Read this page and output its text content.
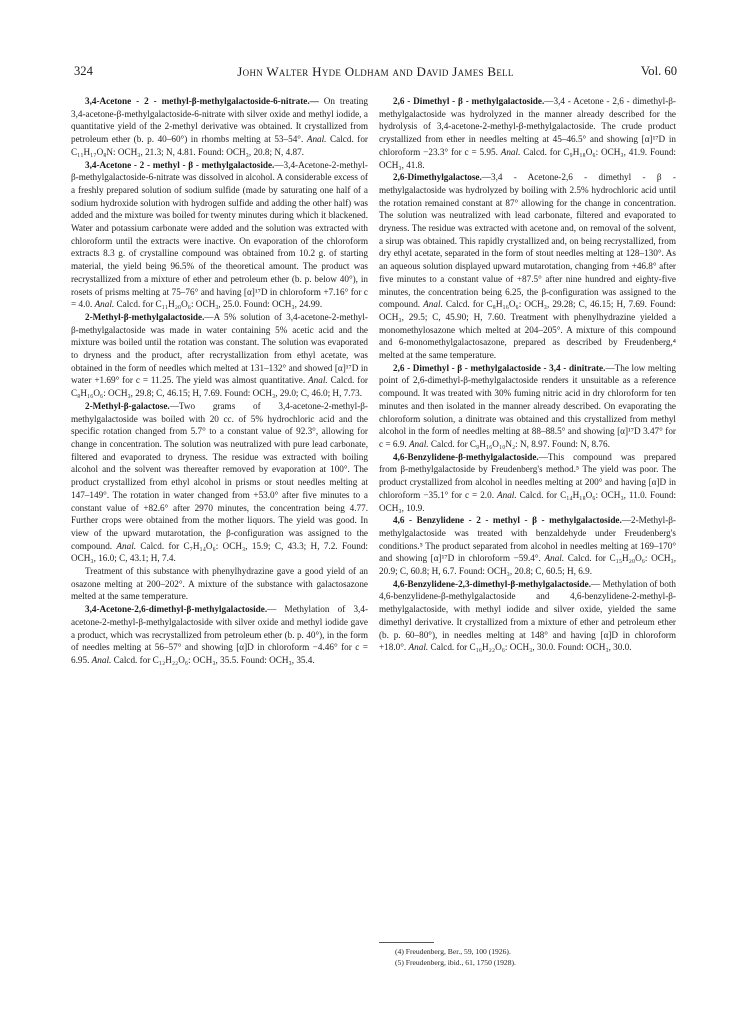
324	John Walter Hyde Oldham and David James Bell	Vol. 60

3,4-Acetone - 2 - methyl-β-methylgalactoside-6-nitrate.— On treating 3,4-acetone-β-methylgalactoside-6-nitrate with silver oxide and methyl iodide, a quantitative yield of the 2-methyl derivative was obtained. It crystallized from petroleum ether (b. p. 40–60°) in rhombs melting at 53–54°. Anal. Calcd. for C₁₁H₁₇O₈N: OCH₃, 21.3; N, 4.81. Found: OCH₃, 20.8; N, 4.87.

3,4-Acetone - 2 - methyl - β - methylgalactoside.—3,4-Acetone-2-methyl-β-methylgalactoside-6-nitrate was dissolved in alcohol. A considerable excess of a freshly prepared solution of sodium sulfide (made by saturating one half of a sodium hydroxide solution with hydrogen sulfide and adding the other half) was added and the mixture was boiled for twenty minutes during which it blackened. Water and potassium carbonate were added and the solution was extracted with chloroform until the extracts were inactive. On evaporation of the chloroform extracts 8.3 g. of crystalline compound was obtained from 10.2 g. of starting material, the yield being 96.5% of the theoretical amount. The product was recrystallized from a mixture of ether and petroleum ether (b. p. below 40°), in rosets of prisms melting at 75–76° and having [α]¹⁷D in chloroform +7.16° for c = 4.0. Anal. Calcd. for C₁₁H₂₀O₆: OCH₃, 25.0. Found: OCH₃, 24.99.

2-Methyl-β-methylgalactoside.—A 5% solution of 3,4-acetone-2-methyl-β-methylgalactoside was made in water containing 5% acetic acid and the mixture was boiled until the rotation was constant. The solution was evaporated to dryness and the product, after recrystallization from ethyl acetate, was obtained in the form of needles which melted at 131–132° and showed [α]¹⁷D in water +1.69° for c = 11.25. The yield was almost quantitative. Anal. Calcd. for C₈H₁₆O₆: OCH₃, 29.8; C, 46.15; H, 7.69. Found: OCH₃, 29.0; C, 46.0; H, 7.73.

2-Methyl-β-galactose.—Two grams of 3,4-acetone-2-methyl-β-methylgalactoside was boiled with 20 cc. of 5% hydrochloric acid and the specific rotation changed from 5.7° to a constant value of 92.3°, allowing for change in concentration. The solution was neutralized with pure lead carbonate, filtered and evaporated to dryness. The residue was extracted with boiling alcohol and the solvent was thereafter removed by evaporation at 100°. The product crystallized from ethyl alcohol in prisms or stout needles melting at 147–149°. The rotation in water changed from +53.0° after five minutes to a constant value of +82.6° after 2970 minutes, the concentration being 4.77. Further crops were obtained from the mother liquors. The yield was good. In view of the upward mutarotation, the β-configuration was assigned to the compound. Anal. Calcd. for C₇H₁₄O₆: OCH₃, 15.9; C, 43.3; H, 7.2. Found: OCH₃, 16.0; C, 43.1; H, 7.4.

Treatment of this substance with phenylhydrazine gave a good yield of an osazone melting at 200–202°. A mixture of the substance with galactosazone melted at the same temperature.

3,4-Acetone-2,6-dimethyl-β-methylgalactoside.— Methylation of 3,4-acetone-2-methyl-β-methylgalactoside with silver oxide and methyl iodide gave a product, which was recrystallized from petroleum ether (b. p. 40°), in the form of needles melting at 56–57° and showing [α]D in chloroform −4.46° for c = 6.95. Anal. Calcd. for C₁₂H₂₂O₆: OCH₃, 35.5. Found: OCH₃, 35.4.

2,6 - Dimethyl - β - methylgalactoside.—3,4 - Acetone - 2,6 - dimethyl-β-methylgalactoside was hydrolyzed in the manner already described for the hydrolysis of 3,4-acetone-2-methyl-β-methylgalactoside. The crude product crystallized from ether in needles melting at 45–46.5° and showing [α]¹⁷D in chloroform −23.3° for c = 5.95. Anal. Calcd. for C₉H₁₈O₆: OCH₃, 41.9. Found: OCH₃, 41.8.

2,6-Dimethylgalactose.—3,4 - Acetone-2,6 - dimethyl - β - methylgalactoside was hydrolyzed by boiling with 2.5% hydrochloric acid until the rotation remained constant at 87° allowing for the change in concentration. The solution was neutralized with lead carbonate, filtered and evaporated to dryness. The residue was extracted with acetone and, on removal of the solvent, a sirup was obtained. This rapidly crystallized and, on being recrystallized, from dry ethyl acetate, separated in the form of stout needles melting at 128–130°. As an aqueous solution displayed upward mutarotation, changing from +46.8° after five minutes to a constant value of +87.5° after nine hundred and eighty-five minutes, the concentration being 6.25, the β-configuration was assigned to the compound. Anal. Calcd. for C₈H₁₆O₆: OCH₃, 29.28; C, 46.15; H, 7.69. Found: OCH₃, 29.5; C, 45.90; H, 7.60. Treatment with phenylhydrazine yielded a monomethylosazone which melted at 204–205°. A mixture of this compound and 6-monomethylgalactosazone, prepared as described by Freudenberg,⁴ melted at the same temperature.

2,6 - Dimethyl - β - methylgalactoside - 3,4 - dinitrate.—The low melting point of 2,6-dimethyl-β-methylgalactoside renders it unsuitable as a reference compound. It was treated with 30% fuming nitric acid in dry chloroform for ten minutes and then isolated in the manner already described. On evaporating the chloroform solution, a dinitrate was obtained and this crystallized from methyl alcohol in the form of needles melting at 88–88.5° and showing [α]¹⁷D 3.47° for c = 6.9. Anal. Calcd. for C₉H₁₆O₁₀N₂: N, 8.97. Found: N, 8.76.

4,6-Benzylidene-β-methylgalactoside.—This compound was prepared from β-methylgalactoside by Freudenberg's method.⁵ The yield was poor. The product crystallized from alcohol in needles melting at 200° and having [α]D in chloroform −35.1° for c = 2.0. Anal. Calcd. for C₁₄H₁₈O₆: OCH₃, 11.0. Found: OCH₃, 10.9.

4,6 - Benzylidene - 2 - methyl - β - methylgalactoside.—2-Methyl-β-methylgalactoside was treated with benzaldehyde under Freudenberg's conditions.⁵ The product separated from alcohol in needles melting at 169–170° and showing [α]¹⁷D in chloroform −59.4°. Anal. Calcd. for C₁₅H₂₀O₆: OCH₃, 20.9; C, 60.8; H, 6.7. Found: OCH₃, 20.8; C, 60.5; H, 6.9.

4,6-Benzylidene-2,3-dimethyl-β-methylgalactoside.— Methylation of both 4,6-benzylidene-β-methylgalactoside and 4,6-benzylidene-2-methyl-β-methylgalactoside, with methyl iodide and silver oxide, yielded the same dimethyl derivative. It crystallized from a mixture of ether and petroleum ether (b. p. 60–80°), in needles melting at 148° and having [α]D in chloroform +18.0°. Anal. Calcd. for C₁₆H₂₂O₆: OCH₃, 30.0. Found: OCH₃, 30.0.

(4) Freudenberg, Ber., 59, 100 (1926).
(5) Freudenberg, ibid., 61, 1750 (1928).
